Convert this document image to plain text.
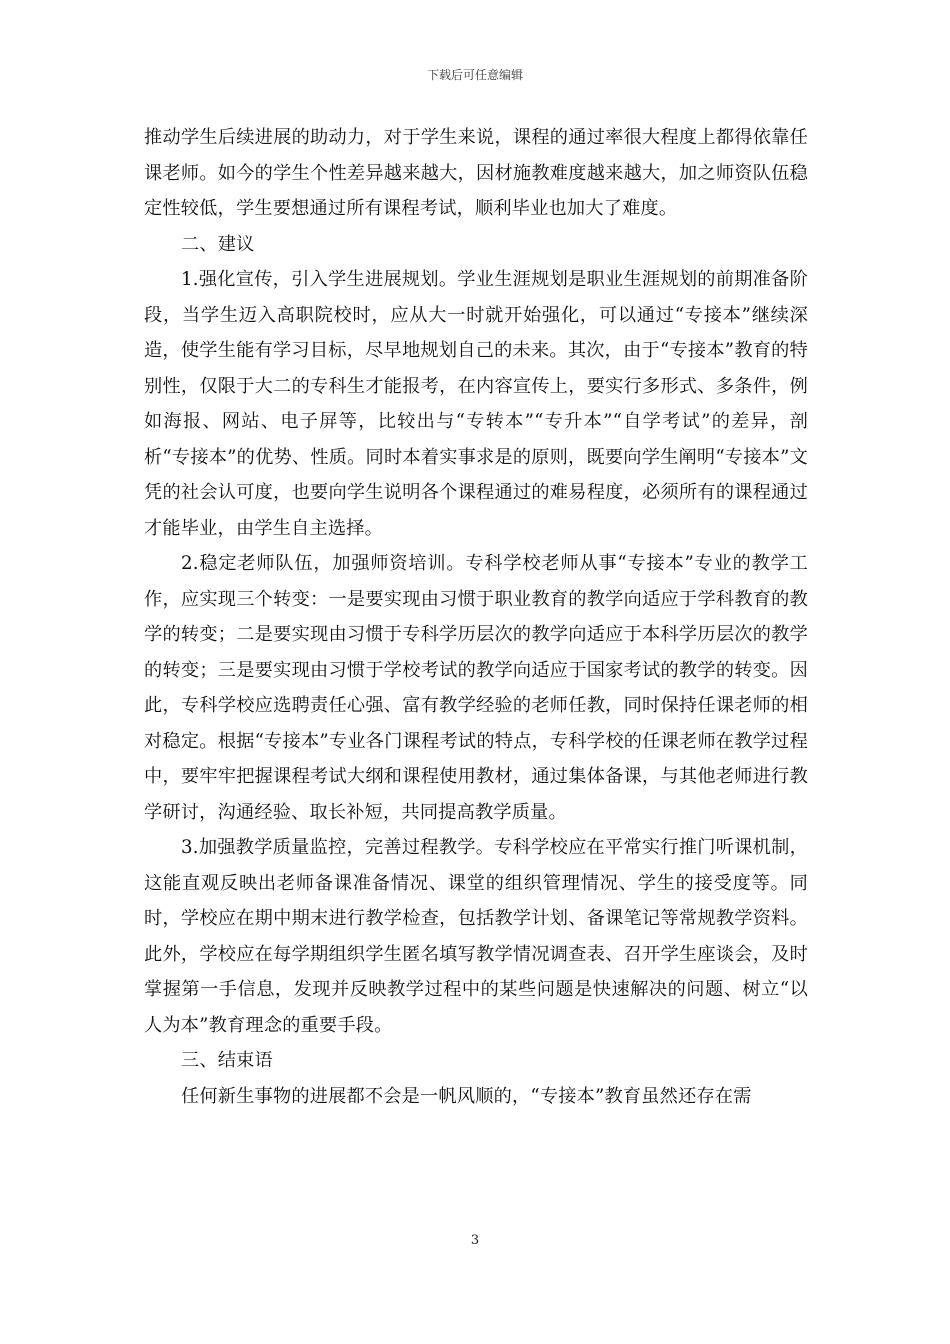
下载后可任意编辑

推动学生后续进展的助动力，对于学生来说，课程的通过率很大程度上都得依靠任课老师。如今的学生个性差异越来越大，因材施教难度越来越大，加之师资队伍稳定性较低，学生要想通过所有课程考试，顺利毕业也加大了难度。

二、建议

1.强化宣传，引入学生进展规划。学业生涯规划是职业生涯规划的前期准备阶段，当学生迈入高职院校时，应从大一时就开始强化，可以通过“专接本”继续深造，使学生能有学习目标，尽早地规划自己的未来。其次，由于“专接本”教育的特别性，仅限于大二的专科生才能报考，在内容宣传上，要实行多形式、多条件，例如海报、网站、电子屏等，比较出与“专转本”“专升本”“自学考试”的差异，剖析“专接本”的优势、性质。同时本着实事求是的原则，既要向学生阐明“专接本”文凭的社会认可度，也要向学生说明各个课程通过的难易程度，必须所有的课程通过才能毕业，由学生自主选择。

2.稳定老师队伍，加强师资培训。专科学校老师从事“专接本”专业的教学工作，应实现三个转变：一是要实现由习惯于职业教育的教学向适应于学科教育的教学的转变；二是要实现由习惯于专科学历层次的教学向适应于本科学历层次的教学的转变；三是要实现由习惯于学校考试的教学向适应于国家考试的教学的转变。因此，专科学校应选聘责任心强、富有教学经验的老师任教，同时保持任课老师的相对稳定。根据“专接本”专业各门课程考试的特点，专科学校的任课老师在教学过程中，要牢牢把握课程考试大纲和课程使用教材，通过集体备课，与其他老师进行教学研讨，沟通经验、取长补短，共同提高教学质量。

3.加强教学质量监控，完善过程教学。专科学校应在平常实行推门听课机制，这能直观反映出老师备课准备情况、课堂的组织管理情况、学生的接受度等。同时，学校应在期中期末进行教学检查，包括教学计划、备课笔记等常规教学资料。此外，学校应在每学期组织学生匿名填写教学情况调查表、召开学生座谈会，及时掌握第一手信息，发现并反映教学过程中的某些问题是快速解决的问题、树立“以人为本”教育理念的重要手段。

三、结束语

任何新生事物的进展都不会是一帆风顺的，“专接本”教育虽然还存在需

3
